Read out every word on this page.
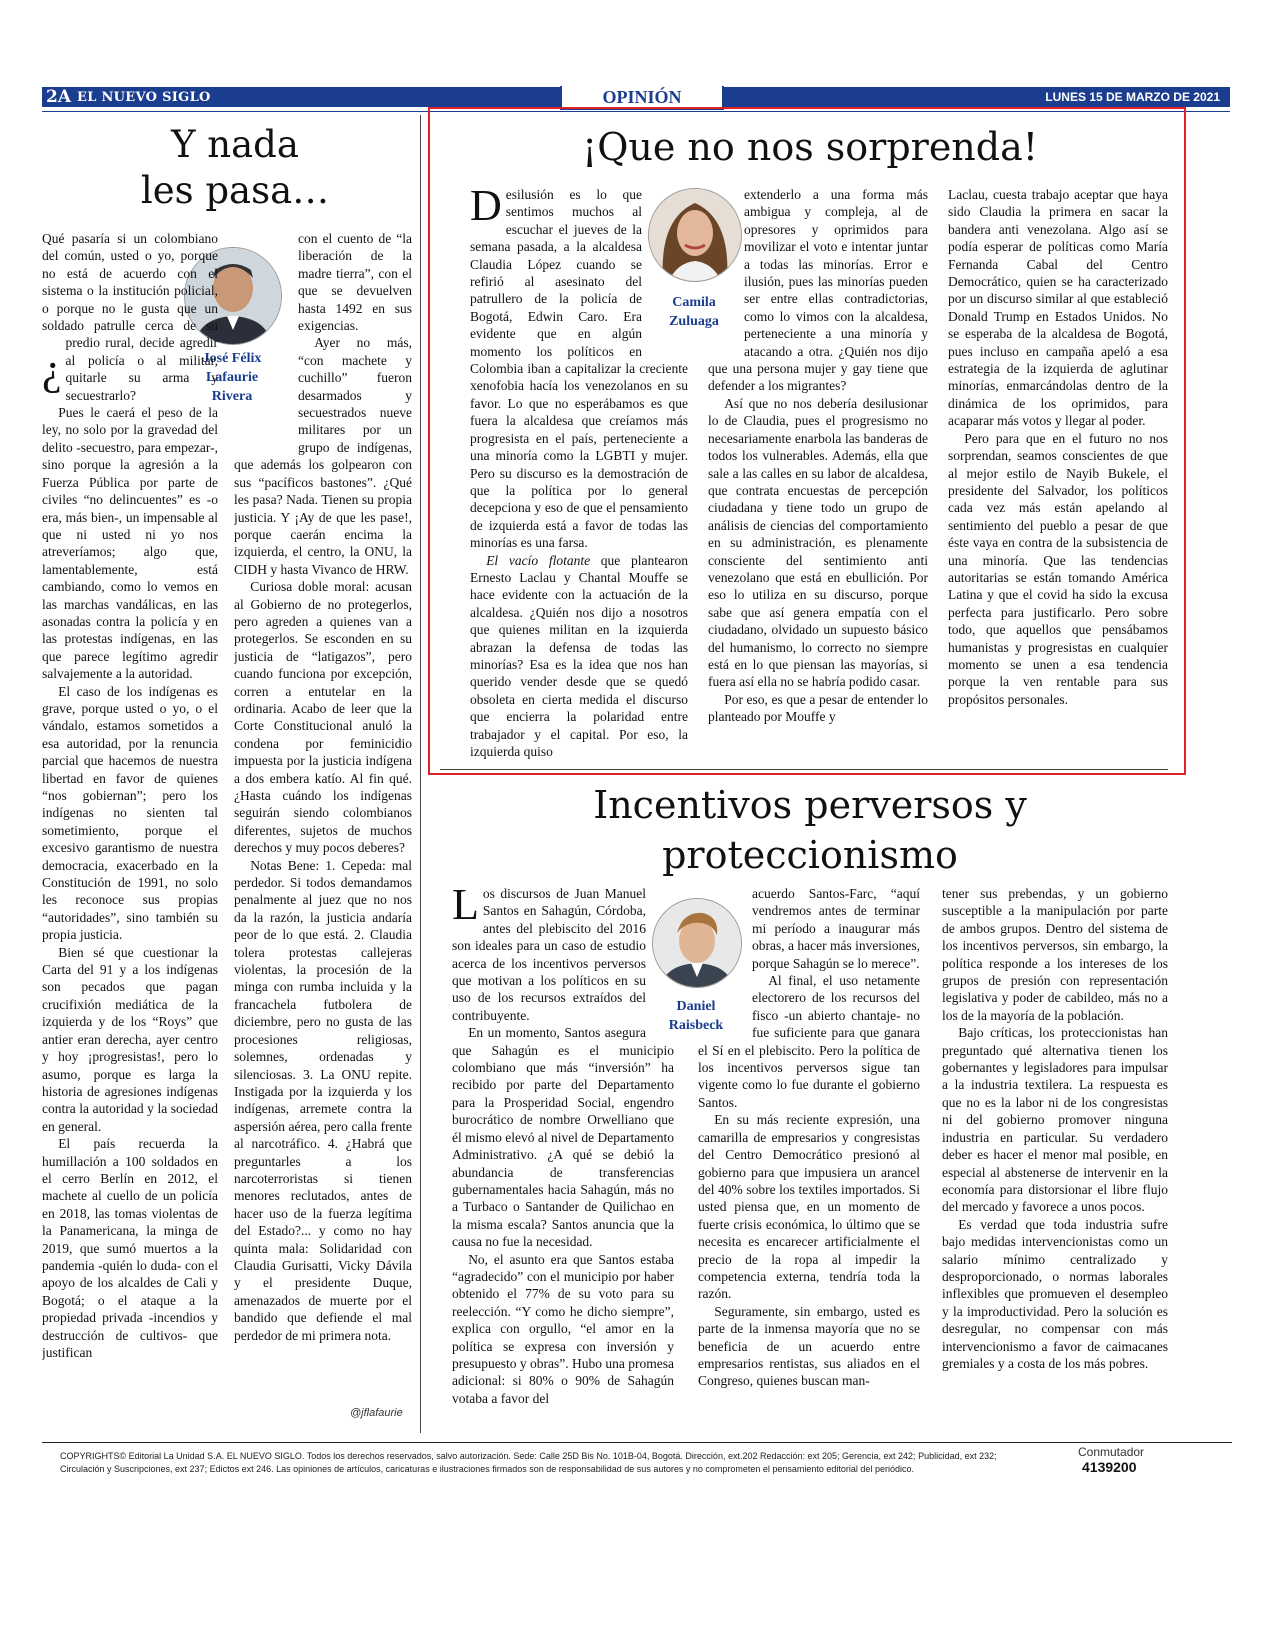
2A EL NUEVO SIGLO	OPINIÓN	LUNES 15 DE MARZO DE 2021
Y nada
les pasa…
José Félix
Lafaurie
Rivera

¿
Qué pasaría si un colombiano del común, usted o yo, porque no está de acuerdo con el sistema o la institución policial, o porque no le gusta que un soldado patrulle cerca de su predio rural, decide agredir al policía o al militar, quitarle su arma y secuestrarlo?

Pues le caerá el peso de la ley, no solo por la gravedad del delito -secuestro, para empezar-, sino porque la agresión a la Fuerza Pública por parte de civiles “no delincuentes” es -o era, más bien-, un impensable al que ni usted ni yo nos atreveríamos; algo que, lamentablemente, está cambiando, como lo vemos en las marchas vandálicas, en las asonadas contra la policía y en las protestas indígenas, en las que parece legítimo agredir salvajemente a la autoridad.

El caso de los indígenas es grave, porque usted o yo, o el vándalo, estamos sometidos a esa autoridad, por la renuncia parcial que hacemos de nuestra libertad en favor de quienes “nos gobiernan”; pero los indígenas no sienten tal sometimiento, porque el excesivo garantismo de nuestra democracia, exacerbado en la Constitución de 1991, no solo les reconoce sus propias “autoridades”, sino también su propia justicia.

Bien sé que cuestionar la Carta del 91 y a los indígenas son pecados que pagan crucifixión mediática de la izquierda y de los “Roys” que antier eran derecha, ayer centro y hoy ¡progresistas!, pero lo asumo, porque es larga la historia de agresiones indígenas contra la autoridad y la sociedad en general.

El país recuerda la humillación a 100 soldados en el cerro Berlín en 2012, el machete al cuello de un policía en 2018, las tomas violentas de la Panamericana, la minga de 2019, que sumó muertos a la pandemia -quién lo duda- con el apoyo de los alcaldes de Cali y Bogotá; o el ataque a la propiedad privada -incendios y destrucción de cultivos- que justifican

con el cuento de “la liberación de la madre tierra”, con el que se devuelven hasta 1492 en sus exigencias.

Ayer no más, “con machete y cuchillo” fueron desarmados y secuestrados nueve militares por un grupo de indígenas, que además los golpearon con sus “pacíficos bastones”. ¿Qué les pasa? Nada. Tienen su propia justicia. Y ¡Ay de que les pase!, porque caerán encima la izquierda, el centro, la ONU, la CIDH y hasta Vivanco de HRW.

Curiosa doble moral: acusan al Gobierno de no protegerlos, pero agreden a quienes van a protegerlos. Se esconden en su justicia de “latigazos”, pero cuando funciona por excepción, corren a entutelar en la ordinaria. Acabo de leer que la Corte Constitucional anuló la condena por feminicidio impuesta por la justicia indígena a dos embera katío. Al fin qué. ¿Hasta cuándo los indígenas seguirán siendo colombianos diferentes, sujetos de muchos derechos y muy pocos deberes?

Notas Bene: 1. Cepeda: mal perdedor. Si todos demandamos penalmente al juez que no nos da la razón, la justicia andaría peor de lo que está. 2. Claudia tolera protestas callejeras violentas, la procesión de la minga con rumba incluida y la francachela futbolera de diciembre, pero no gusta de las procesiones religiosas, solemnes, ordenadas y silenciosas. 3. La ONU repite. Instigada por la izquierda y los indígenas, arremete contra la aspersión aérea, pero calla frente al narcotráfico. 4. ¿Habrá que preguntarles a los narcoterroristas si tienen menores reclutados, antes de hacer uso de la fuerza legítima del Estado?... y como no hay quinta mala: Solidaridad con Claudia Gurisatti, Vicky Dávila y el presidente Duque, amenazados de muerte por el bandido que defiende el mal perdedor de mi primera nota.

@jflafaurie
¡Que no nos sorprenda!
Camila
Zuluaga

Desilusión es lo que sentimos muchos al escuchar el jueves de la semana pasada, a la alcaldesa Claudia López cuando se refirió al asesinato del patrullero de la policía de Bogotá, Edwin Caro. Era evidente que en algún momento los políticos en Colombia iban a capitalizar la creciente xenofobia hacía los venezolanos en su favor. Lo que no esperábamos es que fuera la alcaldesa que creíamos más progresista en el país, perteneciente a una minoría como la LGBTI y mujer. Pero su discurso es la demostración de que la política por lo general decepciona y eso de que el pensamiento de izquierda está a favor de todas las minorías es una farsa.

El vacío flotante que plantearon Ernesto Laclau y Chantal Mouffe se hace evidente con la actuación de la alcaldesa. ¿Quién nos dijo a nosotros que quienes militan en la izquierda abrazan la defensa de todas las minorías? Esa es la idea que nos han querido vender desde que se quedó obsoleta en cierta medida el discurso que encierra la polaridad entre trabajador y el capital. Por eso, la izquierda quiso

extenderlo a una forma más ambigua y compleja, al de opresores y oprimidos para movilizar el voto e intentar juntar a todas las minorías. Error e ilusión, pues las minorías pueden ser entre ellas contradictorias, como lo vimos con la alcaldesa, perteneciente a una minoría y atacando a otra. ¿Quién nos dijo que una persona mujer y gay tiene que defender a los migrantes?

Así que no nos debería desilusionar lo de Claudia, pues el progresismo no necesariamente enarbola las banderas de todos los vulnerables. Además, ella que sale a las calles en su labor de alcaldesa, que contrata encuestas de percepción ciudadana y tiene todo un grupo de análisis de ciencias del comportamiento en su administración, es plenamente consciente del sentimiento anti venezolano que está en ebullición. Por eso lo utiliza en su discurso, porque sabe que así genera empatía con el ciudadano, olvidado un supuesto básico del humanismo, lo correcto no siempre está en lo que piensan las mayorías, si fuera así ella no se habría podido casar.

Por eso, es que a pesar de entender lo planteado por Mouffe y

Laclau, cuesta trabajo aceptar que haya sido Claudia la primera en sacar la bandera anti venezolana. Algo así se podía esperar de políticas como María Fernanda Cabal del Centro Democrático, quien se ha caracterizado por un discurso similar al que estableció Donald Trump en Estados Unidos. No se esperaba de la alcaldesa de Bogotá, pues incluso en campaña apeló a esa estrategia de la izquierda de aglutinar minorías, enmarcándolas dentro de la dinámica de los oprimidos, para acaparar más votos y llegar al poder.

Pero para que en el futuro no nos sorprendan, seamos conscientes de que al mejor estilo de Nayib Bukele, el presidente del Salvador, los políticos cada vez más están apelando al sentimiento del pueblo a pesar de que éste vaya en contra de la subsistencia de una minoría. Que las tendencias autoritarias se están tomando América Latina y que el covid ha sido la excusa perfecta para justificarlo. Pero sobre todo, que aquellos que pensábamos humanistas y progresistas en cualquier momento se unen a esa tendencia porque la ven rentable para sus propósitos personales.

Incentivos perversos y
proteccionismo
Daniel
Raisbeck

Los discursos de Juan Manuel Santos en Sahagún, Córdoba, antes del plebiscito del 2016 son ideales para un caso de estudio acerca de los incentivos perversos que motivan a los políticos en su uso de los recursos extraídos del contribuyente.

En un momento, Santos asegura que Sahagún es el municipio colombiano que más “inversión” ha recibido por parte del Departamento para la Prosperidad Social, engendro burocrático de nombre Orwelliano que él mismo elevó al nivel de Departamento Administrativo. ¿A qué se debió la abundancia de transferencias gubernamentales hacia Sahagún, más no a Turbaco o Santander de Quilichao en la misma escala? Santos anuncia que la causa no fue la necesidad.

No, el asunto era que Santos estaba “agradecido” con el municipio por haber obtenido el 77% de su voto para su reelección. “Y como he dicho siempre”, explica con orgullo, “el amor en la política se expresa con inversión y presupuesto y obras”. Hubo una promesa adicional: si 80% o 90% de Sahagún votaba a favor del

acuerdo Santos-Farc, “aquí vendremos antes de terminar mi período a inaugurar más obras, a hacer más inversiones, porque Sahagún se lo merece”.

Al final, el uso netamente electorero de los recursos del fisco -un abierto chantaje- no fue suficiente para que ganara el Sí en el plebiscito. Pero la política de los incentivos perversos sigue tan vigente como lo fue durante el gobierno Santos.

En su más reciente expresión, una camarilla de empresarios y congresistas del Centro Democrático presionó al gobierno para que impusiera un arancel del 40% sobre los textiles importados. Si usted piensa que, en un momento de fuerte crisis económica, lo último que se necesita es encarecer artificialmente el precio de la ropa al impedir la competencia externa, tendría toda la razón.

Seguramente, sin embargo, usted es parte de la inmensa mayoría que no se beneficia de un acuerdo entre empresarios rentistas, sus aliados en el Congreso, quienes buscan man-

tener sus prebendas, y un gobierno susceptible a la manipulación por parte de ambos grupos. Dentro del sistema de los incentivos perversos, sin embargo, la política responde a los intereses de los grupos de presión con representación legislativa y poder de cabildeo, más no a los de la mayoría de la población.

Bajo críticas, los proteccionistas han preguntado qué alternativa tienen los gobernantes y legisladores para impulsar a la industria textilera. La respuesta es que no es la labor ni de los congresistas ni del gobierno promover ninguna industria en particular. Su verdadero deber es hacer el menor mal posible, en especial al abstenerse de intervenir en la economía para distorsionar el libre flujo del mercado y favorece a unos pocos.

Es verdad que toda industria sufre bajo medidas intervencionistas como un salario mínimo centralizado y desproporcionado, o normas laborales inflexibles que promueven el desempleo y la improductividad. Pero la solución es desregular, no compensar con más intervencionismo a favor de caimacanes gremiales y a costa de los más pobres.

COPYRIGHTS© Editorial La Unidad S.A. EL NUEVO SIGLO. Todos los derechos reservados, salvo autorización. Sede: Calle 25D Bis No. 101B-04, Bogotá. Dirección, ext.202 Redacción: ext 205; Gerencia, ext 242; Publicidad, ext 232;
Circulación y Suscripciones, ext 237; Edictos ext 246. Las opiniones de artículos, caricaturas e ilustraciones firmados son de responsabilidad de sus autores y no comprometen el pensamiento editorial del periódico.
Conmutador
4139200
